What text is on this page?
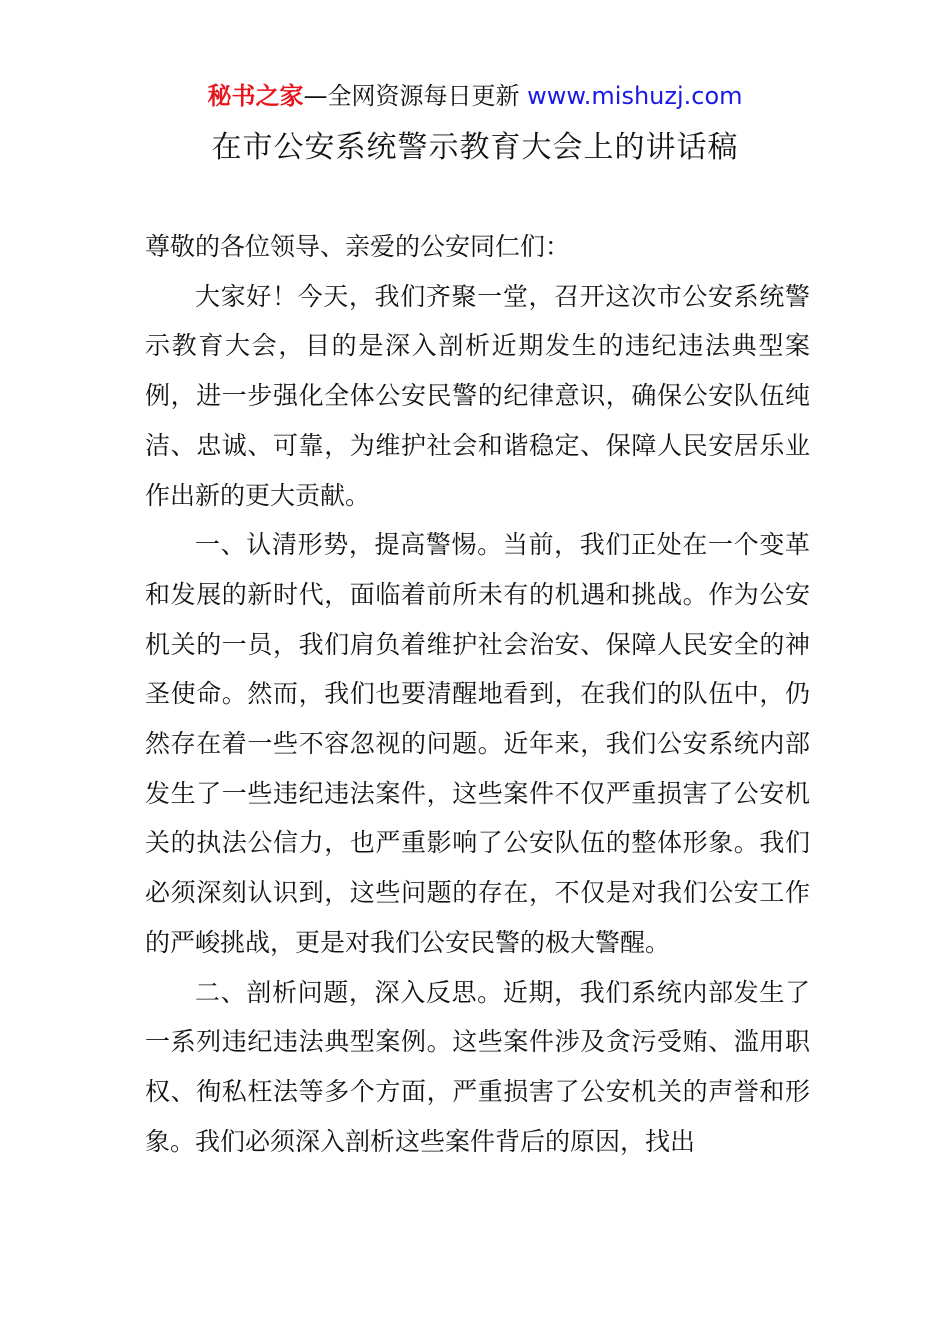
秘书之家—全网资源每日更新 www.mishuzj.com
在市公安系统警示教育大会上的讲话稿

尊敬的各位领导、亲爱的公安同仁们：

大家好！今天，我们齐聚一堂，召开这次市公安系统警示教育大会，目的是深入剖析近期发生的违纪违法典型案例，进一步强化全体公安民警的纪律意识，确保公安队伍纯洁、忠诚、可靠，为维护社会和谐稳定、保障人民安居乐业作出新的更大贡献。

一、认清形势，提高警惕。当前，我们正处在一个变革和发展的新时代，面临着前所未有的机遇和挑战。作为公安机关的一员，我们肩负着维护社会治安、保障人民安全的神圣使命。然而，我们也要清醒地看到，在我们的队伍中，仍然存在着一些不容忽视的问题。近年来，我们公安系统内部发生了一些违纪违法案件，这些案件不仅严重损害了公安机关的执法公信力，也严重影响了公安队伍的整体形象。我们必须深刻认识到，这些问题的存在，不仅是对我们公安工作的严峻挑战，更是对我们公安民警的极大警醒。

二、剖析问题，深入反思。近期，我们系统内部发生了一系列违纪违法典型案例。这些案件涉及贪污受贿、滥用职权、徇私枉法等多个方面，严重损害了公安机关的声誉和形象。我们必须深入剖析这些案件背后的原因，找出
